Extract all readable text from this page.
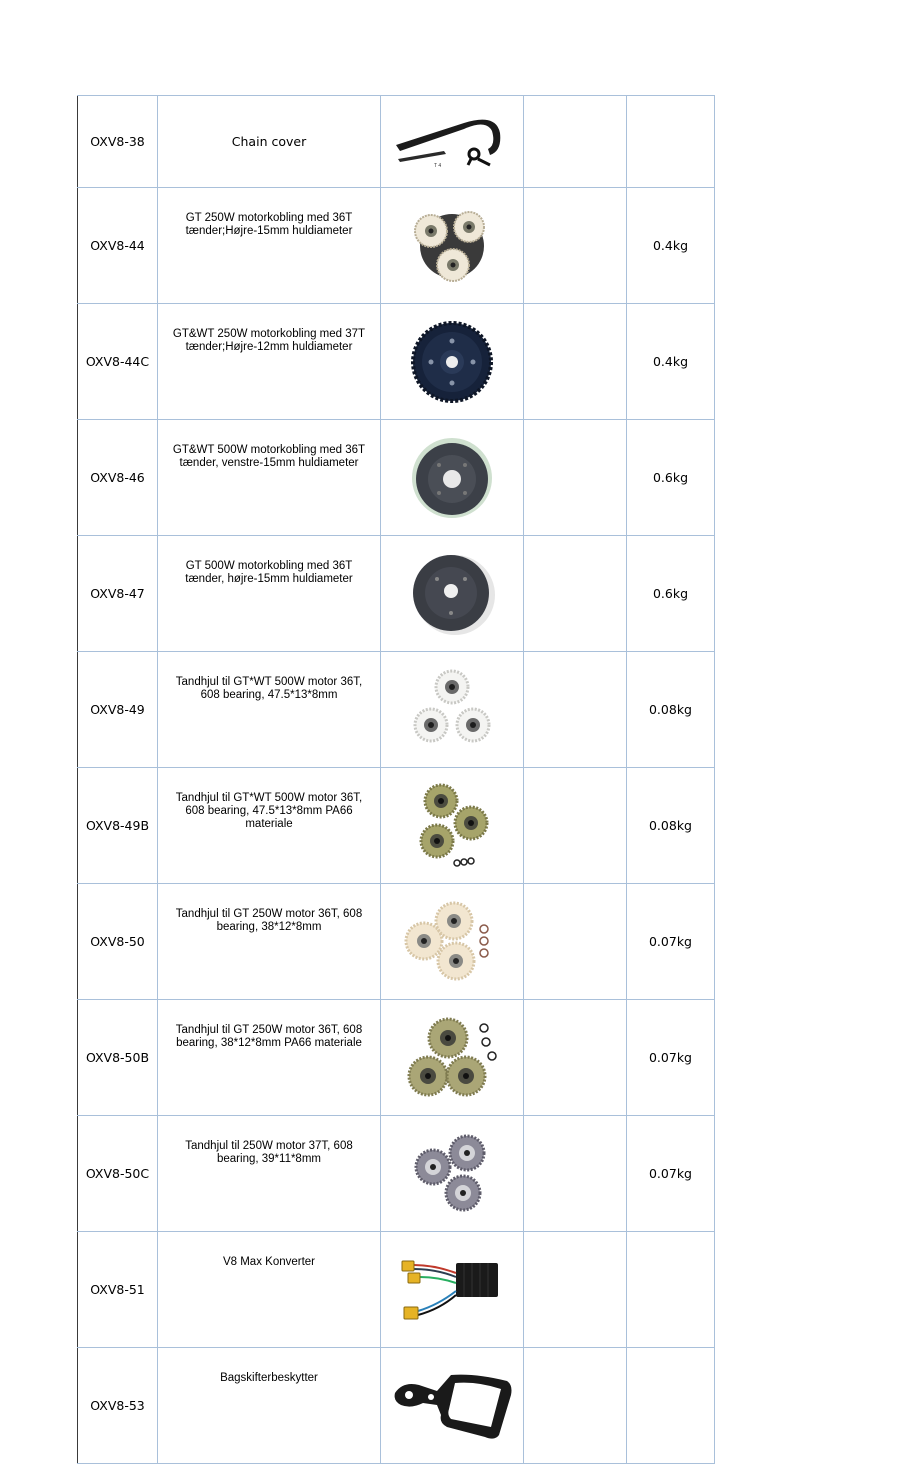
OXV8-38	Chain cover	T 4		

OXV8-44	GT 250W motorkobling med 36T tænder;Højre-15mm huldiameter			0.4kg
OXV8-44C	GT&WT 250W motorkobling med 37T tænder;Højre-12mm huldiameter			0.4kg
OXV8-46	GT&WT 500W motorkobling med 36T tænder, venstre-15mm huldiameter			0.6kg
OXV8-47	GT 500W motorkobling med 36T tænder, højre-15mm huldiameter			0.6kg
OXV8-49	Tandhjul til GT*WT 500W motor 36T, 608 bearing, 47.5*13*8mm			0.08kg
OXV8-49B	Tandhjul til GT*WT 500W motor 36T, 608 bearing, 47.5*13*8mm PA66 materiale			0.08kg
OXV8-50	Tandhjul til GT 250W motor 36T, 608 bearing, 38*12*8mm			0.07kg
OXV8-50B	Tandhjul til GT 250W motor 36T, 608 bearing, 38*12*8mm PA66 materiale			0.07kg
OXV8-50C	Tandhjul til 250W motor 37T, 608 bearing, 39*11*8mm			0.07kg
OXV8-51	V8 Max Konverter	

OXV8-53	Bagskifterbeskytter	
